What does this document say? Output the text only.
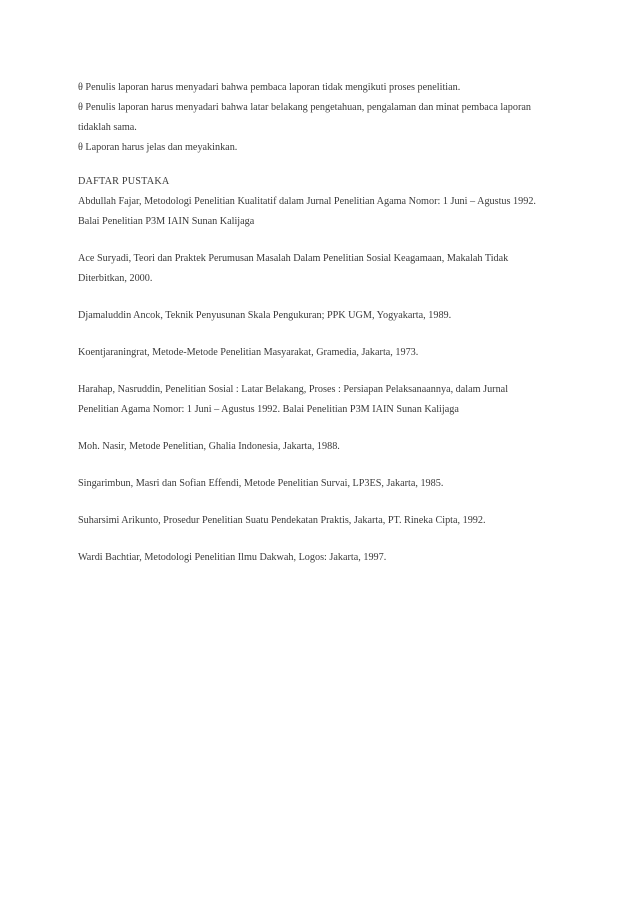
θ Penulis laporan harus menyadari bahwa pembaca laporan tidak mengikuti proses penelitian.
θ Penulis laporan harus menyadari bahwa latar belakang pengetahuan, pengalaman dan minat pembaca laporan
tidaklah sama.
θ Laporan harus jelas dan meyakinkan.
DAFTAR PUSTAKA
Abdullah Fajar, Metodologi Penelitian Kualitatif dalam Jurnal Penelitian Agama Nomor: 1 Juni – Agustus 1992.
Balai Penelitian P3M IAIN Sunan Kalijaga
Ace Suryadi, Teori dan Praktek Perumusan Masalah Dalam Penelitian Sosial Keagamaan, Makalah Tidak
Diterbitkan, 2000.
Djamaluddin Ancok, Teknik Penyusunan Skala Pengukuran; PPK UGM, Yogyakarta, 1989.
Koentjaraningrat, Metode-Metode Penelitian Masyarakat, Gramedia, Jakarta, 1973.
Harahap, Nasruddin, Penelitian Sosial : Latar Belakang, Proses : Persiapan Pelaksanaannya, dalam Jurnal
Penelitian Agama Nomor: 1 Juni – Agustus 1992. Balai Penelitian P3M IAIN Sunan Kalijaga
Moh. Nasir, Metode Penelitian, Ghalia Indonesia, Jakarta, 1988.
Singarimbun, Masri dan Sofian Effendi, Metode Penelitian Survai, LP3ES, Jakarta, 1985.
Suharsimi Arikunto, Prosedur Penelitian Suatu Pendekatan Praktis, Jakarta, PT. Rineka Cipta, 1992.
Wardi Bachtiar, Metodologi Penelitian Ilmu Dakwah, Logos: Jakarta, 1997.
